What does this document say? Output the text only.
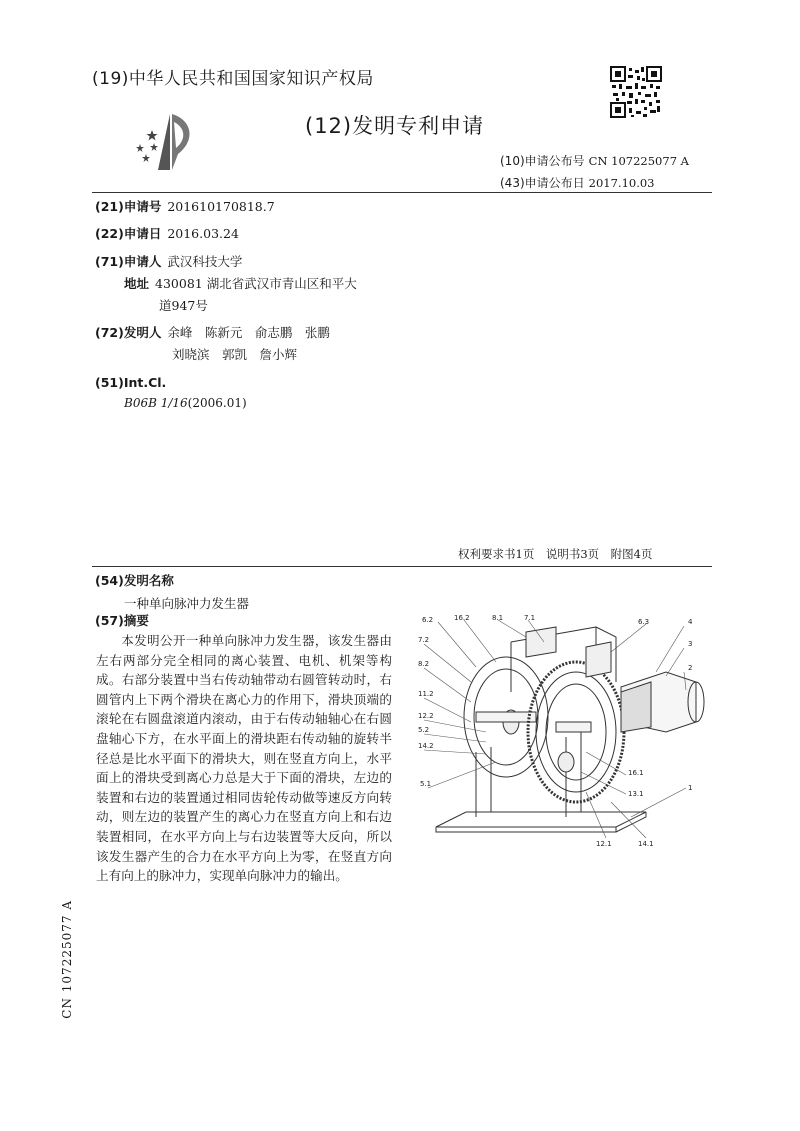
(19)中华人民共和国国家知识产权局
(12)发明专利申请
(10)申请公布号 CN 107225077 A
(43)申请公布日 2017.10.03
(21)申请号 201610170818.7
(22)申请日 2016.03.24
(71)申请人 武汉科技大学
地址 430081 湖北省武汉市青山区和平大
道947号
(72)发明人 余峰　陈新元　俞志鹏　张鹏
刘晓滨　郭凯　詹小辉
(51)Int.Cl.
B06B 1/16(2006.01)
权利要求书1页　说明书3页　附图4页
(54)发明名称
一种单向脉冲力发生器
(57)摘要
本发明公开一种单向脉冲力发生器，该发生器由左右两部分完全相同的离心装置、电机、机架等构成。右部分装置中当右传动轴带动右圆管转动时，右圆管内上下两个滑块在离心力的作用下，滑块顶端的滚轮在右圆盘滚道内滚动，由于右传动轴轴心在右圆盘轴心下方，在水平面上的滑块距右传动轴的旋转半径总是比水平面下的滑块大，则在竖直方向上，水平面上的滑块受到离心力总是大于下面的滑块，左边的装置和右边的装置通过相同齿轮传动做等速反方向转动，则左边的装置产生的离心力在竖直方向上和右边装置相同，在水平方向上与右边装置等大反向，所以该发生器产生的合力在水平方向上为零，在竖直方向上有向上的脉冲力，实现单向脉冲力的输出。
CN 107225077 A
6.2	16.2	8.1	7.1	6.3	4
3
2
7.2
8.2
11.2
12.2
5.2
14.2
5.1
16.1
13.1
1
12.1	14.1
